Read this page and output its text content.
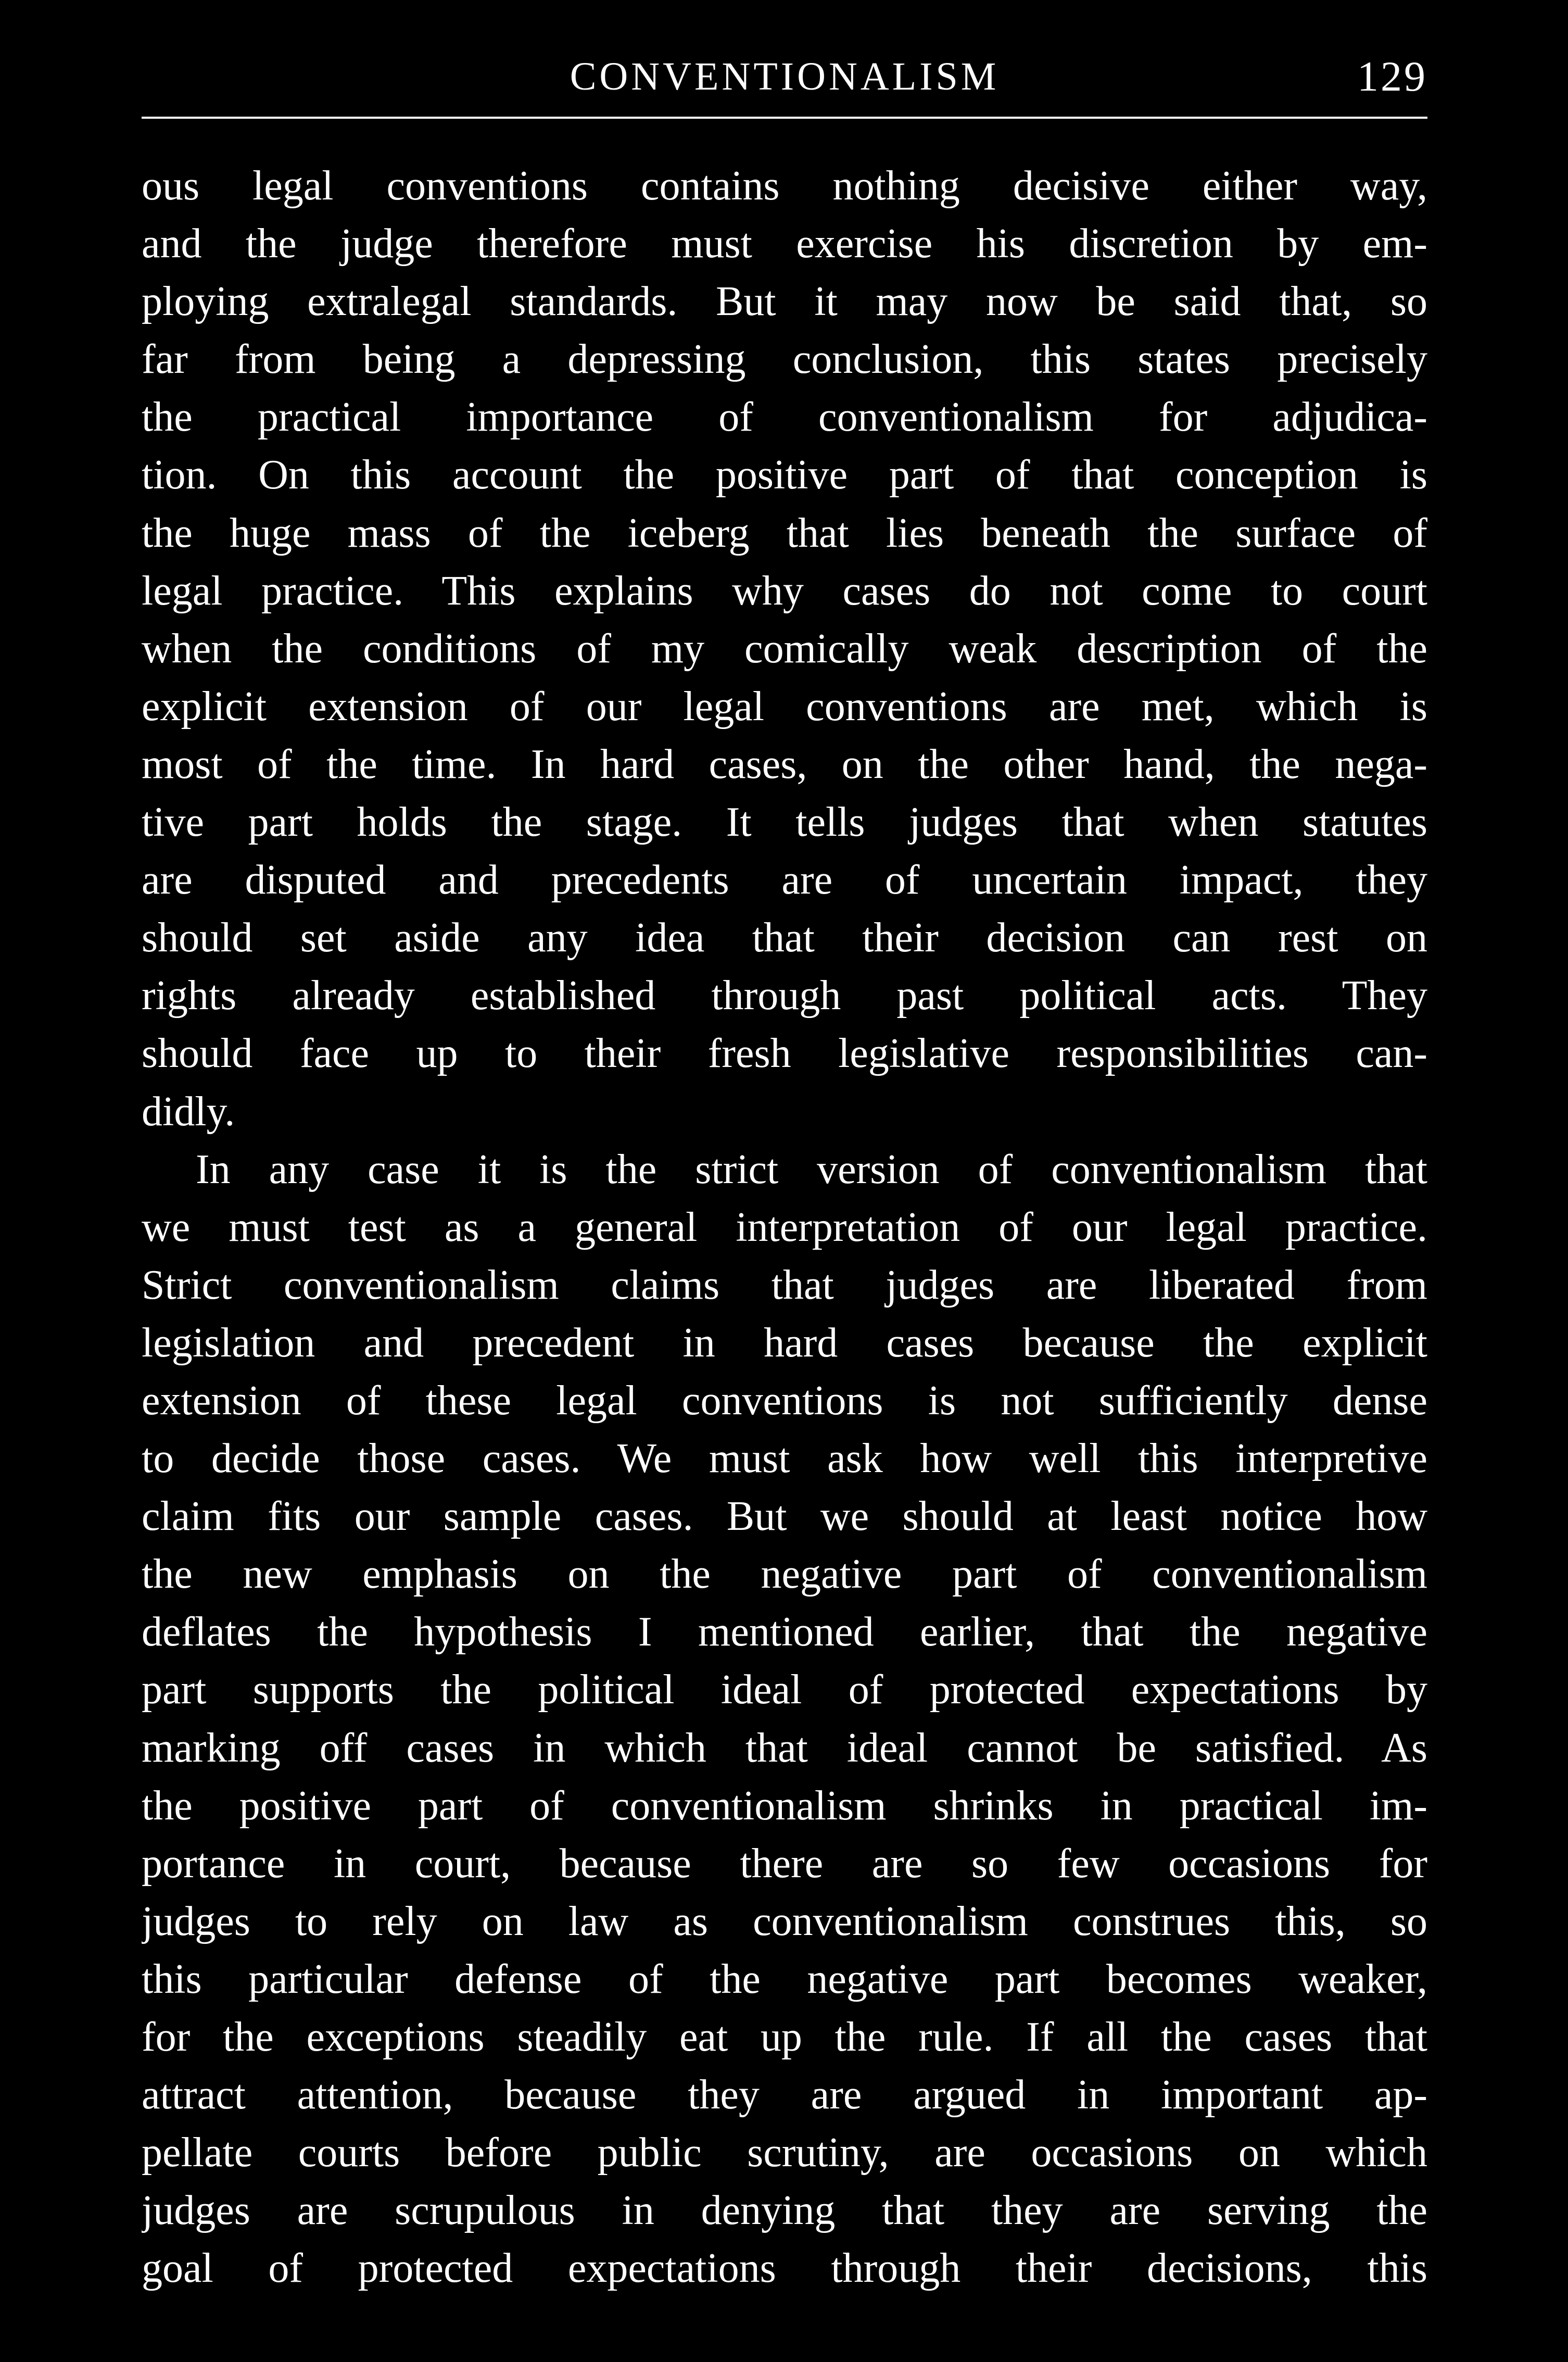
CONVENTIONALISM	129
ous legal conventions contains nothing decisive either way,
and the judge therefore must exercise his discretion by em-
ploying extralegal standards. But it may now be said that, so
far from being a depressing conclusion, this states precisely
the practical importance of conventionalism for adjudica-
tion. On this account the positive part of that conception is
the huge mass of the iceberg that lies beneath the surface of
legal practice. This explains why cases do not come to court
when the conditions of my comically weak description of the
explicit extension of our legal conventions are met, which is
most of the time. In hard cases, on the other hand, the nega-
tive part holds the stage. It tells judges that when statutes
are disputed and precedents are of uncertain impact, they
should set aside any idea that their decision can rest on
rights already established through past political acts. They
should face up to their fresh legislative responsibilities can-
didly.
In any case it is the strict version of conventionalism that
we must test as a general interpretation of our legal practice.
Strict conventionalism claims that judges are liberated from
legislation and precedent in hard cases because the explicit
extension of these legal conventions is not sufficiently dense
to decide those cases. We must ask how well this interpretive
claim fits our sample cases. But we should at least notice how
the new emphasis on the negative part of conventionalism
deflates the hypothesis I mentioned earlier, that the negative
part supports the political ideal of protected expectations by
marking off cases in which that ideal cannot be satisfied. As
the positive part of conventionalism shrinks in practical im-
portance in court, because there are so few occasions for
judges to rely on law as conventionalism construes this, so
this particular defense of the negative part becomes weaker,
for the exceptions steadily eat up the rule. If all the cases that
attract attention, because they are argued in important ap-
pellate courts before public scrutiny, are occasions on which
judges are scrupulous in denying that they are serving the
goal of protected expectations through their decisions, this
